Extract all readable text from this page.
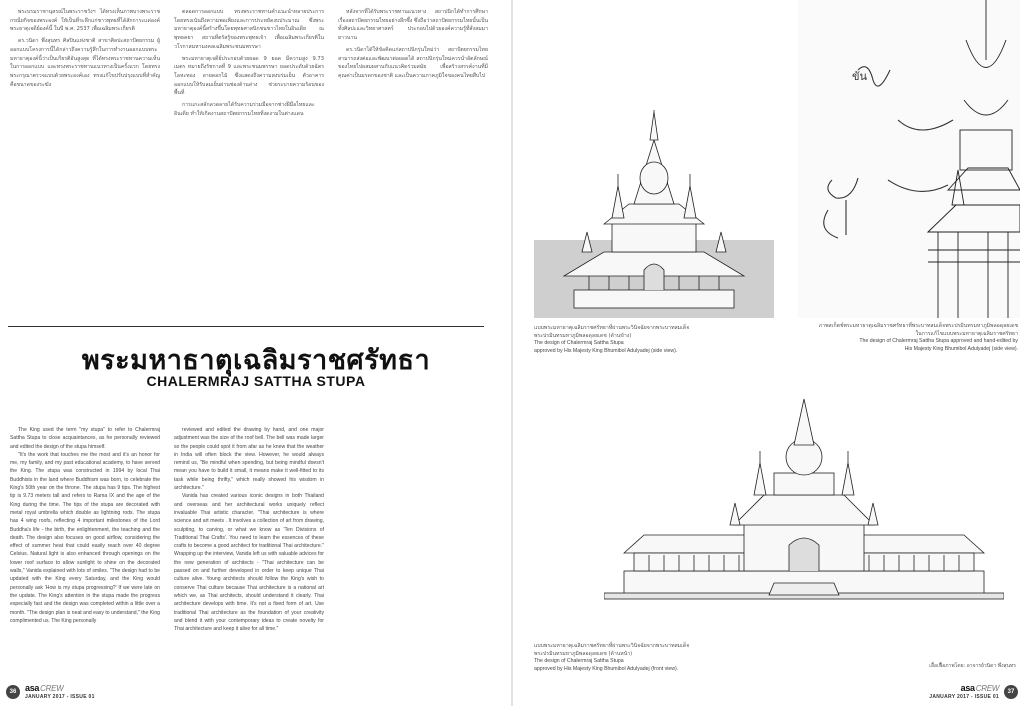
พระบรมราชานุสรณ์ในพระราชวังฯ ได้ทรงเห็นภาพบางพระราชกรณียกิจของพระองค์ ให้เป็นที่ระลึกแก่ชาวพุทธที่ได้สักการะแด่องค์พระธาตุเจดีย์องค์นี้ ในปี พ.ศ. 2537 เพื่อเฉลิมพระเกียรติ

ดร.วนิดา พึ่งสุนทร ศิลปินแห่งชาติ สาขาศิลปะสถาปัตยกรรม ผู้ออกแบบโครงการนี้ได้กล่าวถึงความรู้สึกในการทำงานออกแบบพระมหาธาตุองค์นี้ว่าเป็นเกียรติอันสูงสุด ที่ได้ทรงพระราชทานความเห็นในการออกแบบ และทรงพระราชทานแนวทางเป็นครั้งแรก โดยทรงพระกรุณาตรวจแบบด้วยพระองค์เอง ทรงแก้ไขปรับปรุงแบบที่สำคัญคือขนาดของระฆัง

ตลอดการออกแบบ ทรงพระราชทานคำแนะนำหลายประการ โดยทรงเน้นถึงความพอเพียงและการประหยัดงบประมาณ ซึ่งพระมหาธาตุองค์นี้สร้างขึ้นโดยพุทธศาสนิกชนชาวไทยในอินเดีย ณ พุทธคยา สถานที่ตรัสรู้ของพระพุทธเจ้า เพื่อเฉลิมพระเกียรติในวโรกาสมหามงคลเฉลิมพระชนมพรรษา

พระมหาธาตุเจดีย์ประกอบด้วยยอด 9 ยอด มีความสูง 9.73 เมตร หมายถึงรัชกาลที่ 9 และพระชนมพรรษา ยอดประดับด้วยฉัตรโลหะทอง ลายดอกไม้ ซึ่งแสดงถึงความสงบร่มเย็น ตัวอาคารออกแบบให้รับลมเย็นผ่านช่องด้านล่าง ช่วยระบายความร้อนของพื้นที่

การแกะสลักลวดลายได้รับความร่วมมือจากช่างฝีมือไทยและอินเดีย ทำให้เกิดงานสถาปัตยกรรมไทยที่งดงามในต่างแดน

หลังจากที่ได้รับพระราชทานแนวทาง สถาปนิกได้ทำการศึกษาเรื่องสถาปัตยกรรมไทยอย่างลึกซึ้ง ซึ่งถือว่าสถาปัตยกรรมไทยนั้นเป็นทั้งศิลปะและวิทยาศาสตร์ ประกอบไปด้วยองค์ความรู้ที่สั่งสมมายาวนาน

ดร.วนิดาได้ให้ข้อคิดแก่สถาปนิกรุ่นใหม่ว่า สถาปัตยกรรมไทยสามารถส่งต่อและพัฒนาต่อยอดได้ สถาปนิกรุ่นใหม่ควรนำอัตลักษณ์ของไทยไปผสมผสานกับแนวคิดร่วมสมัย เพื่อสร้างสรรค์งานที่มีคุณค่าเป็นมรดกของชาติ และเป็นความภาคภูมิใจของคนไทยสืบไป

พระมหาธาตุเฉลิมราชศรัทธา
CHALERMRAJ SATTHA STUPA

The King used the term "my stupa" to refer to Chalermraj Sattha Stupa to close acquaintances, as he personally reviewed and edited the design of the stupa himself.

"It's the work that touches me the most and it's an honor for me, my family, and my past educational academy, to have served the King. The stupa was constructed in 1994 by local Thai Buddhists in the land where Buddhism was born, to celebrate the King's 50th year on the throne. The stupa has 9 tips. The highest tip is 9.73 meters tall and refers to Rama IX and the age of the King during the time. The tips of the stupa are decorated with metal royal umbrella which double as lightning rods. The stupa has 4 wing roofs, reflecting 4 important milestones of the Lord Buddha's life - the birth, the enlightenment, the teaching and the death. The design also focuses on good airflow, considering the effect of summer heat that could easily reach over 40 degree Celsius. Natural light is also enhanced through openings on the lower roof surface to allow sunlight to shine on the decorated walls," Vanida explained with lots of smiles. "The design had to be updated with the King every Saturday, and the King would personally ask 'How is my stupa progressing?' If we were late on the update. The King's attention in the stupa made the progress especially fast and the design was completed within a little over a month. "The design plan is neat and easy to understand," the King complimented us. The King personally

reviewed and edited the drawing by hand, and one major adjustment was the size of the roof bell. The bell was made larger so the people could spot it from afar as he knew that the weather in India will often block the view. However, he would always remind us, "Be mindful when spending, but being mindful doesn't mean you have to build it small, it means make it well-fitted to its task while being thrifty," which really showed his wisdom in architecture."

Vanida has created various iconic designs in both Thailand and overseas and her architectural works uniquely reflect invaluable Thai artistic character. "Thai architecture is where science and art meets . It involves a collection of art from drawing, sculpting, to carving, or what we know as 'Ten Divisions of Traditional Thai Crafts'. You need to learn the essences of these crafts to become a good architect for traditional Thai architecture." Wrapping up the interview, Vanida left us with valuable advices for the new generation of architects - "Thai architecture can be passed on and further developed in order to keep unique Thai culture alive. Young architects should follow the King's wish to conserve Thai culture because Thai architecture is a national art which we, as Thai architects, should understand it clearly. Thai architecture develops with time. It's not a fixed form of art. Use traditional Thai architecture as the foundation of your creativity and blend it with your contemporary ideas to create novelty for Thai architecture and keep it alive for all time."

36 asaCREW
JANUARY 2017 - ISSUE 01
แบบพระมหาธาตุเฉลิมราชศรัทธาที่ผ่านพระวินิจฉัยจากพระบาทสมเด็จ
พระปรมินทรมหาภูมิพลอดุลยเดช (ด้านข้าง)
The design of Chalermraj Sattha Stupa
approved by His Majesty King Bhumibol Adulyadej (side view).
ขัน
ภาพสเก็ตช์พระมหาธาตุเฉลิมราชศรัทธาที่พระบาทสมเด็จพระปรมินทรมหาภูมิพลอดุลยเดช
ในการแก้ไขแบบพระมหาธาตุเฉลิมราชศรัทธา
The design of Chalermraj Sattha Stupa approved and hand-edited by
His Majesty King Bhumibol Adulyadej (side view).
แบบพระมหาธาตุเฉลิมราชศรัทธาที่ผ่านพระวินิจฉัยจากพระบาทสมเด็จ
พระปรมินทรมหาภูมิพลอดุลยเดช (ด้านหน้า)
The design of Chalermraj Sattha Stupa
approved by His Majesty King Bhumibol Adulyadej (front view).	เอื้อเฟื้อภาพโดย: อาจารย์วนิดา พึ่งสุนทร
37
asaCREW
JANUARY 2017 - ISSUE 01
